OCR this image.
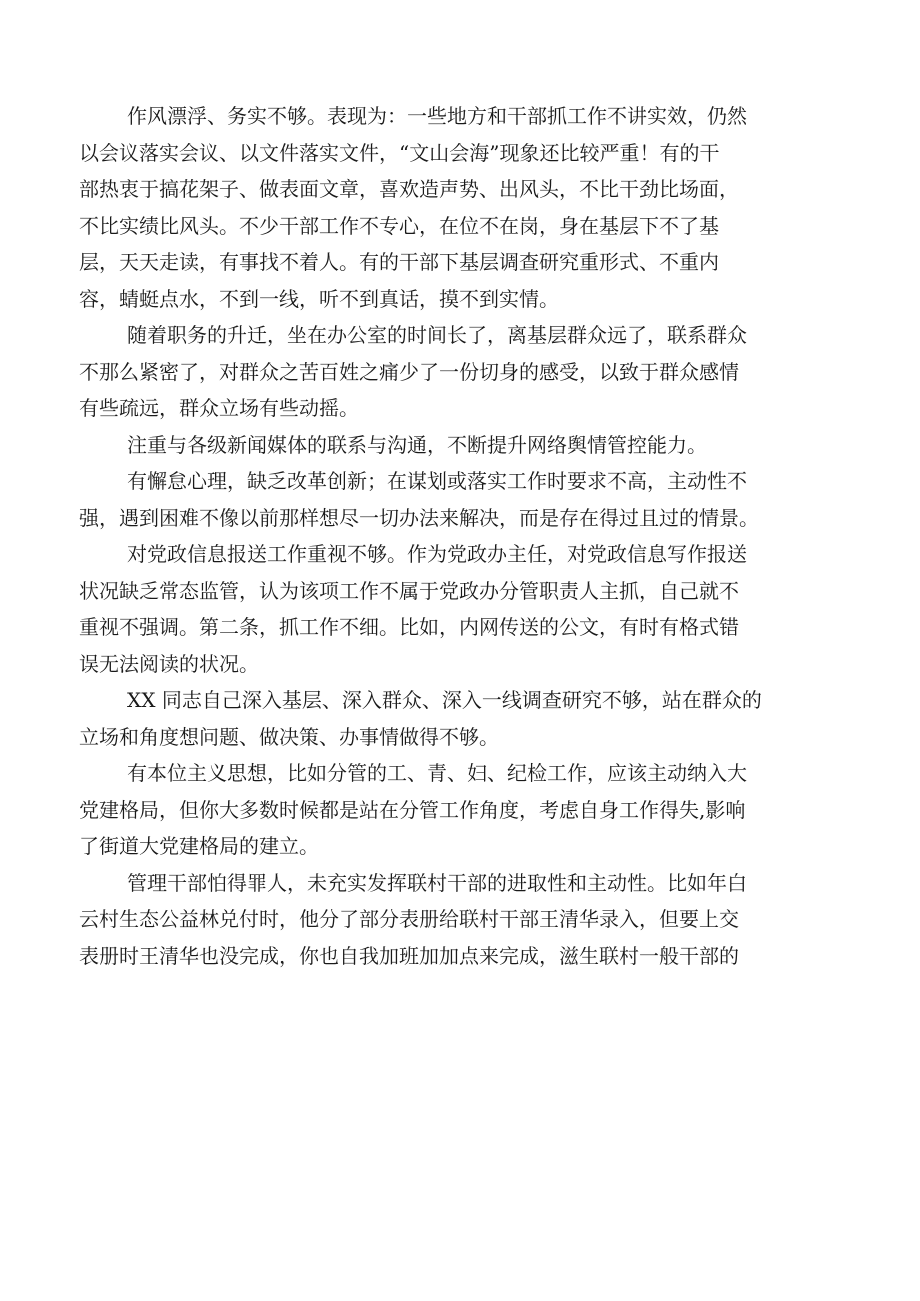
作风漂浮、务实不够。表现为：一些地方和干部抓工作不讲实效，仍然
以会议落实会议、以文件落实文件，“文山会海”现象还比较严重！有的干
部热衷于搞花架子、做表面文章，喜欢造声势、出风头，不比干劲比场面，
不比实绩比风头。不少干部工作不专心，在位不在岗，身在基层下不了基
层，天天走读，有事找不着人。有的干部下基层调查研究重形式、不重内
容，蜻蜓点水，不到一线，听不到真话，摸不到实情。
随着职务的升迁，坐在办公室的时间长了，离基层群众远了，联系群众
不那么紧密了，对群众之苦百姓之痛少了一份切身的感受，以致于群众感情
有些疏远，群众立场有些动摇。
注重与各级新闻媒体的联系与沟通，不断提升网络舆情管控能力。
有懈怠心理，缺乏改革创新；在谋划或落实工作时要求不高，主动性不
强，遇到困难不像以前那样想尽一切办法来解决，而是存在得过且过的情景。
对党政信息报送工作重视不够。作为党政办主任，对党政信息写作报送
状况缺乏常态监管，认为该项工作不属于党政办分管职责人主抓，自己就不
重视不强调。第二条，抓工作不细。比如，内网传送的公文，有时有格式错
误无法阅读的状况。
XX 同志自己深入基层、深入群众、深入一线调查研究不够，站在群众的
立场和角度想问题、做决策、办事情做得不够。
有本位主义思想，比如分管的工、青、妇、纪检工作，应该主动纳入大
党建格局，但你大多数时候都是站在分管工作角度，考虑自身工作得失,影响
了街道大党建格局的建立。
管理干部怕得罪人，未充实发挥联村干部的进取性和主动性。比如年白
云村生态公益林兑付时，他分了部分表册给联村干部王清华录入，但要上交
表册时王清华也没完成，你也自我加班加加点来完成，滋生联村一般干部的
